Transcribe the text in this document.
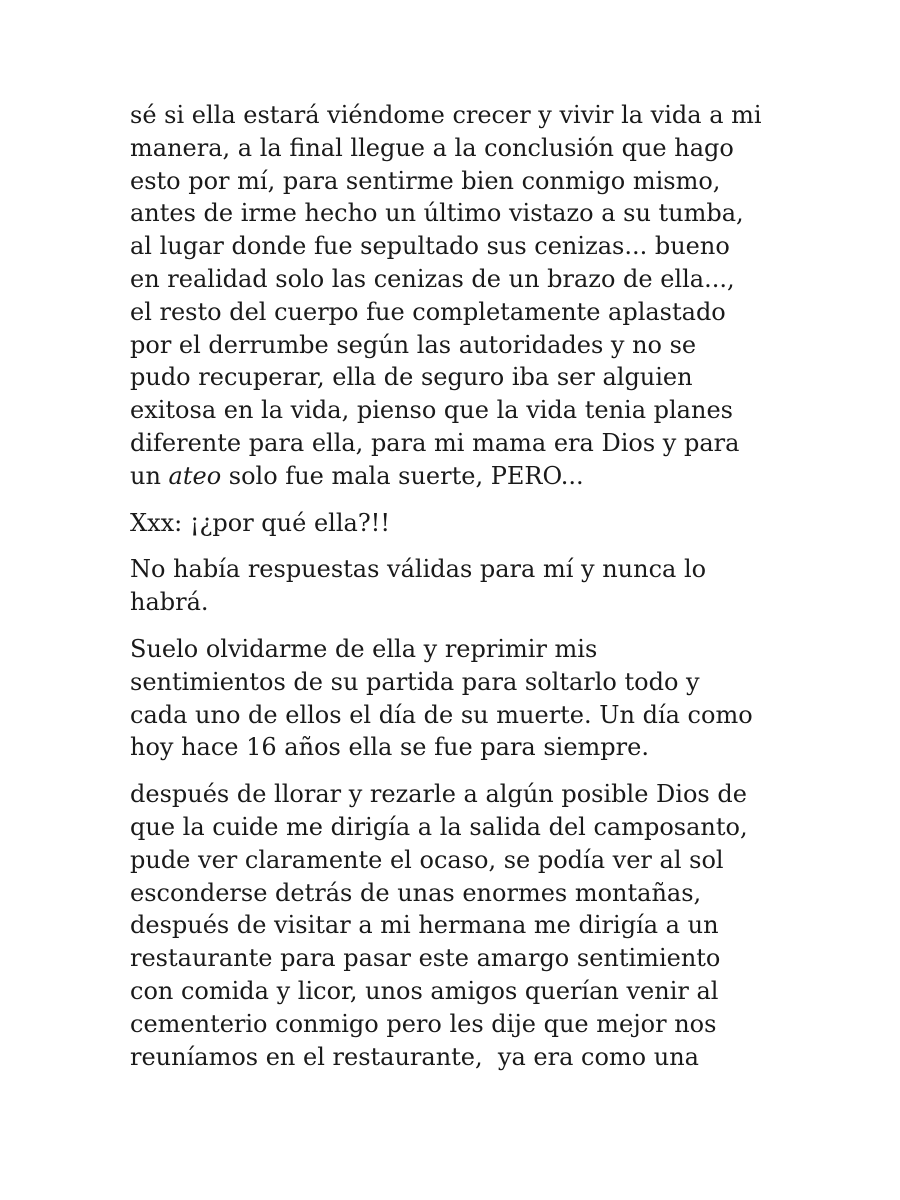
sé si ella estará viéndome crecer y vivir la vida a mi
manera, a la final llegue a la conclusión que hago
esto por mí, para sentirme bien conmigo mismo,
antes de irme hecho un último vistazo a su tumba,
al lugar donde fue sepultado sus cenizas... bueno
en realidad solo las cenizas de un brazo de ella...,
el resto del cuerpo fue completamente aplastado
por el derrumbe según las autoridades y no se
pudo recuperar, ella de seguro iba ser alguien
exitosa en la vida, pienso que la vida tenia planes
diferente para ella, para mi mama era Dios y para
un ateo solo fue mala suerte, PERO...
Xxx: ¡¿por qué ella?!!
No había respuestas válidas para mí y nunca lo
habrá.
Suelo olvidarme de ella y reprimir mis
sentimientos de su partida para soltarlo todo y
cada uno de ellos el día de su muerte. Un día como
hoy hace 16 años ella se fue para siempre.
después de llorar y rezarle a algún posible Dios de
que la cuide me dirigía a la salida del camposanto,
pude ver claramente el ocaso, se podía ver al sol
esconderse detrás de unas enormes montañas,
después de visitar a mi hermana me dirigía a un
restaurante para pasar este amargo sentimiento
con comida y licor, unos amigos querían venir al
cementerio conmigo pero les dije que mejor nos
reuníamos en el restaurante,  ya era como una
